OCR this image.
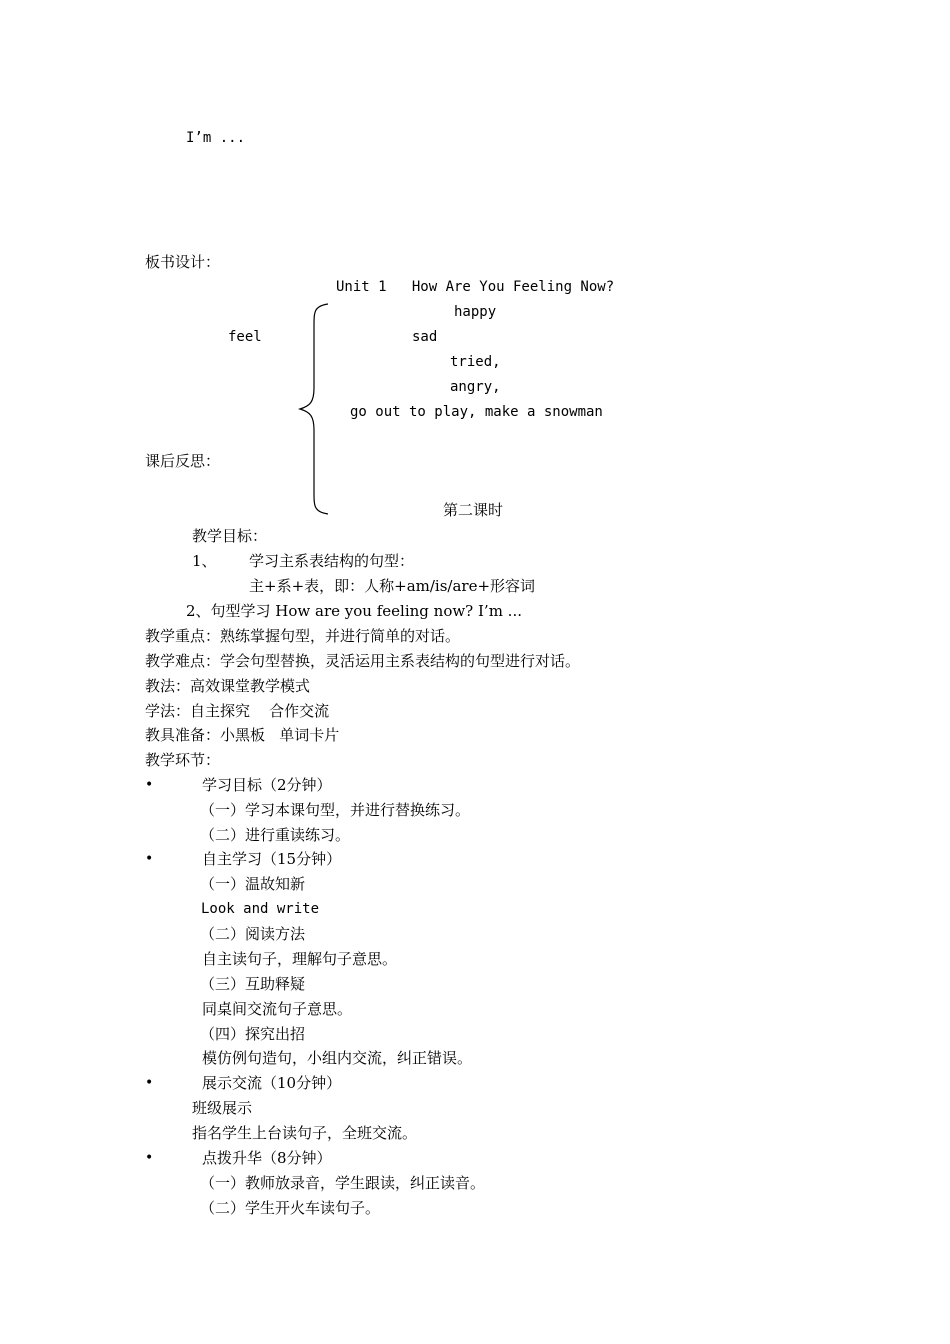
I’m ...
板书设计：
Unit 1   How Are You Feeling Now?
happy
feel	sad
tried,
angry,
go out to play, make a snowman
课后反思：
第二课时
教学目标：
1、 学习主系表结构的句型：
主+系+表，即：人称+am/is/are+形容词
2、句型学习 How are you feeling now? I’m ...
教学重点：熟练掌握句型，并进行简单的对话。
教学难点：学会句型替换，灵活运用主系表结构的句型进行对话。
教法：高效课堂教学模式
学法：自主探究    合作交流
教具准备：小黑板   单词卡片
教学环节：
•	学习目标（2分钟）
（一）学习本课句型，并进行替换练习。
（二）进行重读练习。
•	自主学习（15分钟）
（一）温故知新
Look and write
（二）阅读方法
自主读句子，理解句子意思。
（三）互助释疑
同桌间交流句子意思。
（四）探究出招
模仿例句造句，小组内交流，纠正错误。
•	展示交流（10分钟）
班级展示
指名学生上台读句子，全班交流。
•	点拨升华（8分钟）
（一）教师放录音，学生跟读，纠正读音。
（二）学生开火车读句子。
